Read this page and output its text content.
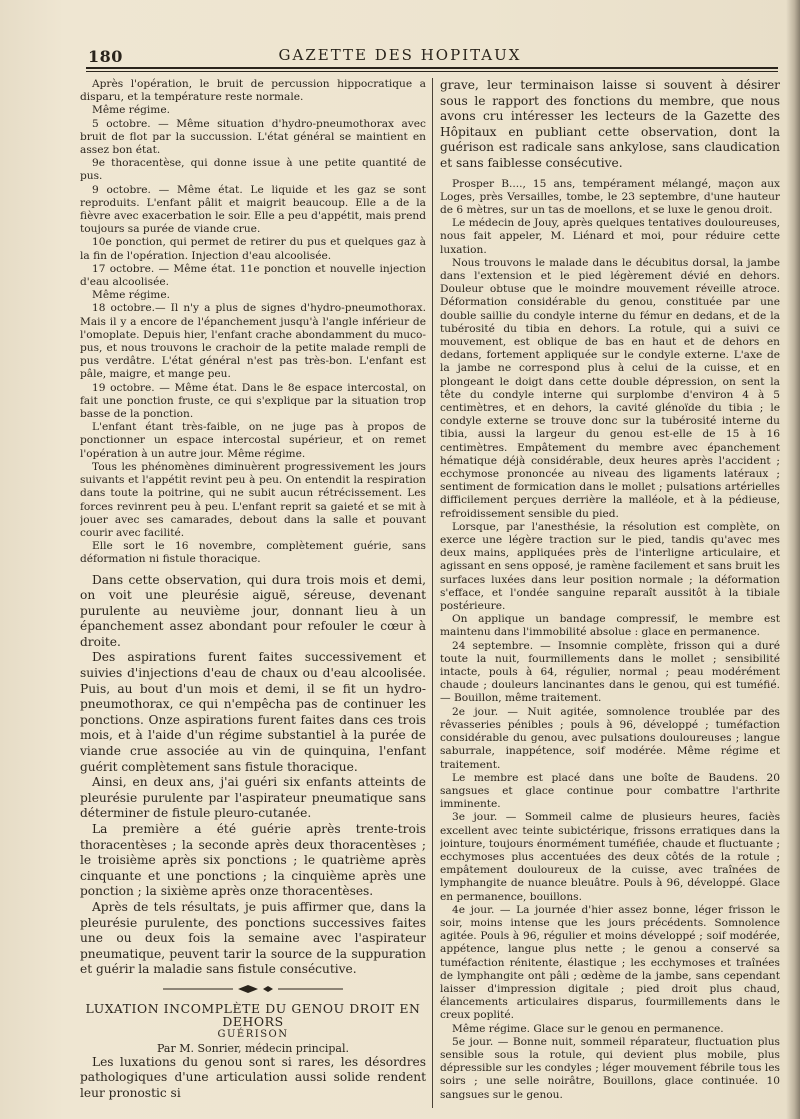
180	GAZETTE DES HOPITAUX

Après l'opération, le bruit de percussion hippocratique a disparu, et la température reste normale.

Même régime.

5 octobre. — Même situation d'hydro-pneumothorax avec bruit de flot par la succussion. L'état général se maintient en assez bon état.

9e thoracentèse, qui donne issue à une petite quantité de pus.

9 octobre. — Même état. Le liquide et les gaz se sont reproduits. L'enfant pâlit et maigrit beaucoup. Elle a de la fièvre avec exacerbation le soir. Elle a peu d'appétit, mais prend toujours sa purée de viande crue.

10e ponction, qui permet de retirer du pus et quelques gaz à la fin de l'opération. Injection d'eau alcoolisée.

17 octobre. — Même état. 11e ponction et nouvelle injection d'eau alcoolisée.

Même régime.

18 octobre.— Il n'y a plus de signes d'hydro-pneumothorax. Mais il y a encore de l'épanchement jusqu'à l'angle inférieur de l'omoplate. Depuis hier, l'enfant crache abondamment du muco-pus, et nous trouvons le crachoir de la petite malade rempli de pus verdâtre. L'état général n'est pas très-bon. L'enfant est pâle, maigre, et mange peu.

19 octobre. — Même état. Dans le 8e espace intercostal, on fait une ponction fruste, ce qui s'explique par la situation trop basse de la ponction.

L'enfant étant très-faible, on ne juge pas à propos de ponctionner un espace intercostal supérieur, et on remet l'opération à un autre jour. Même régime.

Tous les phénomènes diminuèrent progressivement les jours suivants et l'appétit revint peu à peu. On entendit la respiration dans toute la poitrine, qui ne subit aucun rétrécissement. Les forces revinrent peu à peu. L'enfant reprit sa gaieté et se mit à jouer avec ses camarades, debout dans la salle et pouvant courir avec facilité.

Elle sort le 16 novembre, complètement guérie, sans déformation ni fistule thoracique.

Dans cette observation, qui dura trois mois et demi, on voit une pleurésie aiguë, séreuse, devenant purulente au neuvième jour, donnant lieu à un épanchement assez abondant pour refouler le cœur à droite.

Des aspirations furent faites successivement et suivies d'injections d'eau de chaux ou d'eau alcoolisée. Puis, au bout d'un mois et demi, il se fit un hydro-pneumothorax, ce qui n'empêcha pas de continuer les ponctions. Onze aspirations furent faites dans ces trois mois, et à l'aide d'un régime substantiel à la purée de viande crue associée au vin de quinquina, l'enfant guérit complètement sans fistule thoracique.

Ainsi, en deux ans, j'ai guéri six enfants atteints de pleurésie purulente par l'aspirateur pneumatique sans déterminer de fistule pleuro-cutanée.

La première a été guérie après trente-trois thoracentèses ; la seconde après deux thoracentèses ; le troisième après six ponctions ; le quatrième après cinquante et une ponctions ; la cinquième après une ponction ; la sixième après onze thoracentèses.

Après de tels résultats, je puis affirmer que, dans la pleurésie purulente, des ponctions successives faites une ou deux fois la semaine avec l'aspirateur pneumatique, peuvent tarir la source de la suppuration et guérir la maladie sans fistule consécutive.

LUXATION INCOMPLÈTE DU GENOU DROIT EN DEHORS

GUÉRISON

Par M. Sonrier, médecin principal.

Les luxations du genou sont si rares, les désordres pathologiques d'une articulation aussi solide rendent leur pronostic si

grave, leur terminaison laisse si souvent à désirer sous le rapport des fonctions du membre, que nous avons cru intéresser les lecteurs de la Gazette des Hôpitaux en publiant cette observation, dont la guérison est radicale sans ankylose, sans claudication et sans faiblesse consécutive.

Prosper B...., 15 ans, tempérament mélangé, maçon aux Loges, près Versailles, tombe, le 23 septembre, d'une hauteur de 6 mètres, sur un tas de moellons, et se luxe le genou droit.

Le médecin de Jouy, après quelques tentatives douloureuses, nous fait appeler, M. Liénard et moi, pour réduire cette luxation.

Nous trouvons le malade dans le décubitus dorsal, la jambe dans l'extension et le pied légèrement dévié en dehors. Douleur obtuse que le moindre mouvement réveille atroce. Déformation considérable du genou, constituée par une double saillie du condyle interne du fémur en dedans, et de la tubérosité du tibia en dehors. La rotule, qui a suivi ce mouvement, est oblique de bas en haut et de dehors en dedans, fortement appliquée sur le condyle externe. L'axe de la jambe ne correspond plus à celui de la cuisse, et en plongeant le doigt dans cette double dépression, on sent la tête du condyle interne qui surplombe d'environ 4 à 5 centimètres, et en dehors, la cavité glénoïde du tibia ; le condyle externe se trouve donc sur la tubérosité interne du tibia, aussi la largeur du genou est-elle de 15 à 16 centimètres. Empâtement du membre avec épanchement hématique déjà considérable, deux heures après l'accident ; ecchymose prononcée au niveau des ligaments latéraux ; sentiment de formication dans le mollet ; pulsations artérielles difficilement perçues derrière la malléole, et à la pédieuse, refroidissement sensible du pied.

Lorsque, par l'anesthésie, la résolution est complète, on exerce une légère traction sur le pied, tandis qu'avec mes deux mains, appliquées près de l'interligne articulaire, et agissant en sens opposé, je ramène facilement et sans bruit les surfaces luxées dans leur position normale ; la déformation s'efface, et l'ondée sanguine reparaît aussitôt à la tibiale postérieure.

On applique un bandage compressif, le membre est maintenu dans l'immobilité absolue : glace en permanence.

24 septembre. — Insomnie complète, frisson qui a duré toute la nuit, fourmillements dans le mollet ; sensibilité intacte, pouls à 64, régulier, normal ; peau modérément chaude ; douleurs lancinantes dans le genou, qui est tuméfié. — Bouillon, même traitement.

2e jour. — Nuit agitée, somnolence troublée par des rêvasseries pénibles ; pouls à 96, développé ; tuméfaction considérable du genou, avec pulsations douloureuses ; langue saburrale, inappétence, soif modérée. Même régime et traitement.

Le membre est placé dans une boîte de Baudens. 20 sangsues et glace continue pour combattre l'arthrite imminente.

3e jour. — Sommeil calme de plusieurs heures, faciès excellent avec teinte subictérique, frissons erratiques dans la jointure, toujours énormément tuméfiée, chaude et fluctuante ; ecchymoses plus accentuées des deux côtés de la rotule ; empâtement douloureux de la cuisse, avec traînées de lymphangite de nuance bleuâtre. Pouls à 96, développé. Glace en permanence, bouillons.

4e jour. — La journée d'hier assez bonne, léger frisson le soir, moins intense que les jours précédents. Somnolence agitée. Pouls à 96, régulier et moins développé ; soif modérée, appétence, langue plus nette ; le genou a conservé sa tuméfaction rénitente, élastique ; les ecchymoses et traînées de lymphangite ont pâli ; œdème de la jambe, sans cependant laisser d'impression digitale ; pied droit plus chaud, élancements articulaires disparus, fourmillements dans le creux poplité.

Même régime. Glace sur le genou en permanence.

5e jour. — Bonne nuit, sommeil réparateur, fluctuation plus sensible sous la rotule, qui devient plus mobile, plus dépressible sur les condyles ; léger mouvement fébrile tous les soirs ; une selle noirâtre, Bouillons, glace continuée. 10 sangsues sur le genou.
